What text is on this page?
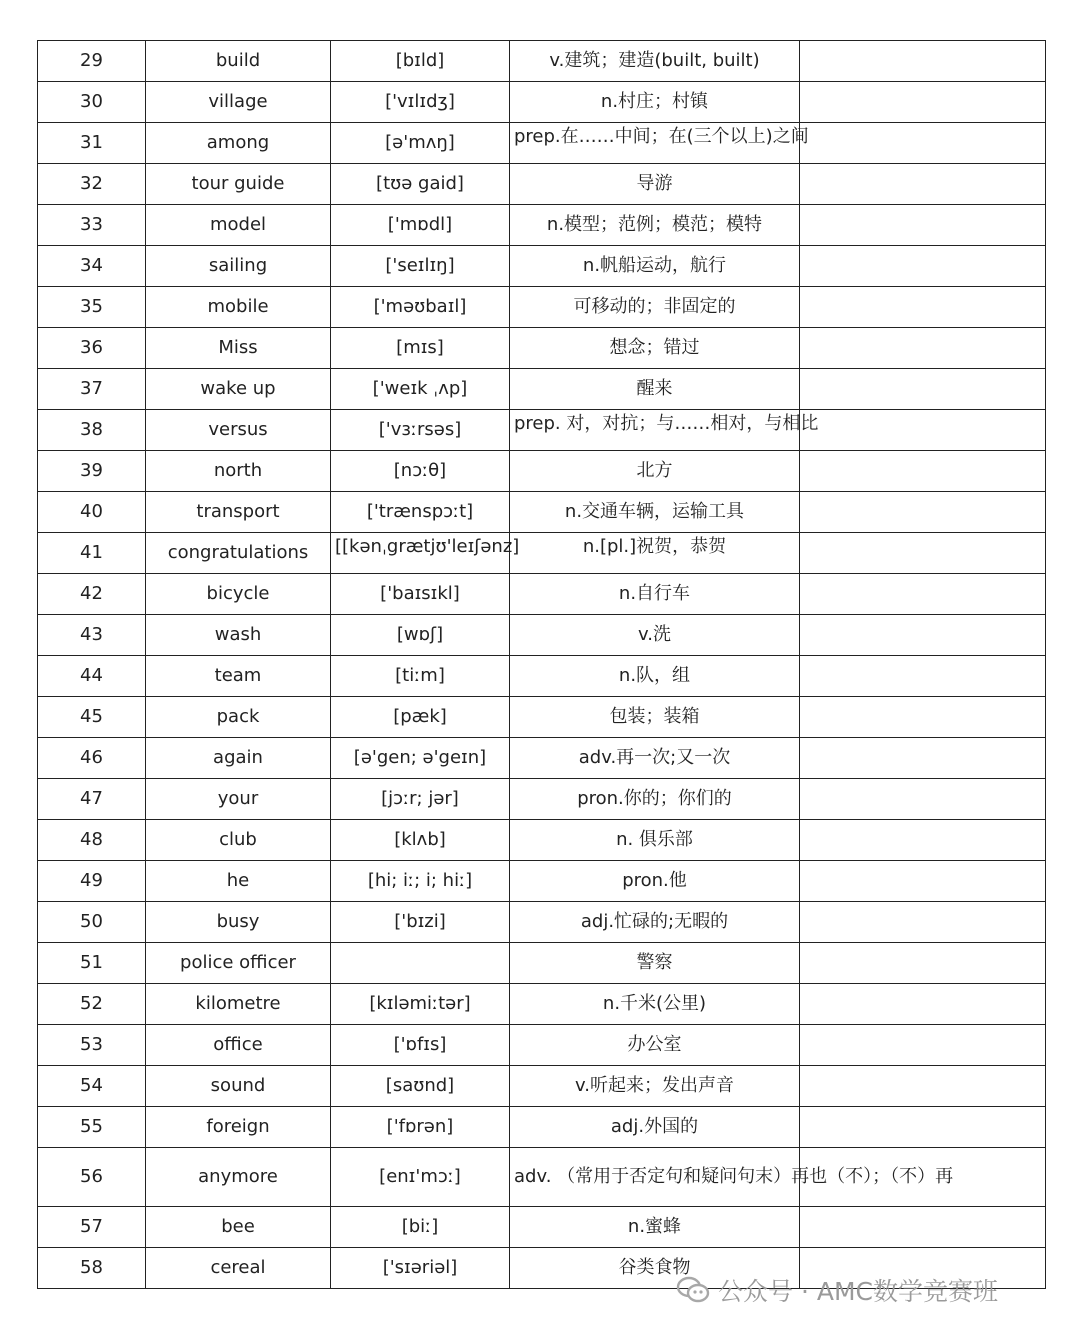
29	build	[bɪld]	v.建筑；建造(built, built)	
30	village	['vɪlɪdʒ]	n.村庄；村镇	
31	among	[ə'mʌŋ]	prep.在……中间；在(三个以上)之间	

32	tour guide	[tʊə gaid]	导游	
33	model	['mɒdl]	n.模型；范例；模范；模特	
34	sailing	['seɪlɪŋ]	n.帆船运动，航行	
35	mobile	['məʊbaɪl]	可移动的；非固定的	
36	Miss	[mɪs]	想念；错过	
37	wake up	['weɪk ˌʌp]	醒来	
38	versus	['vɜːrsəs]	prep. 对，对抗；与……相对，与相比	

39	north	[nɔːθ]	北方	
40	transport	['trænspɔːt]	n.交通车辆，运输工具	
41	congratulations	[[kənˌgrætjʊ'leɪʃənz]	n.[pl.]祝贺，恭贺	

42	bicycle	['baɪsɪkl]	n.自行车	
43	wash	[wɒʃ]	v.洗	
44	team	[tiːm]	n.队，组	
45	pack	[pæk]	包装；装箱	
46	again	[ə'gen; ə'geɪn]	adv.再一次;又一次	
47	your	[jɔːr; jər]	pron.你的；你们的	
48	club	[klʌb]	n. 俱乐部	
49	he	[hi; iː; i; hiː]	pron.他	
50	busy	['bɪzi]	adj.忙碌的;无暇的	
51	police officer		警察	
52	kilometre	[kɪləmiːtər]	n.千米(公里)	
53	office	['ɒfɪs]	办公室	
54	sound	[saʊnd]	v.听起来；发出声音	
55	foreign	['fɒrən]	adj.外国的	
56	anymore	[enɪ'mɔː]	adv. （常用于否定句和疑问句末）再也（不）；（不）再	
57	bee	[biː]	n.蜜蜂	
58	cereal	['sɪəriəl]	谷类食物	
公众号 · AMC数学竞赛班
